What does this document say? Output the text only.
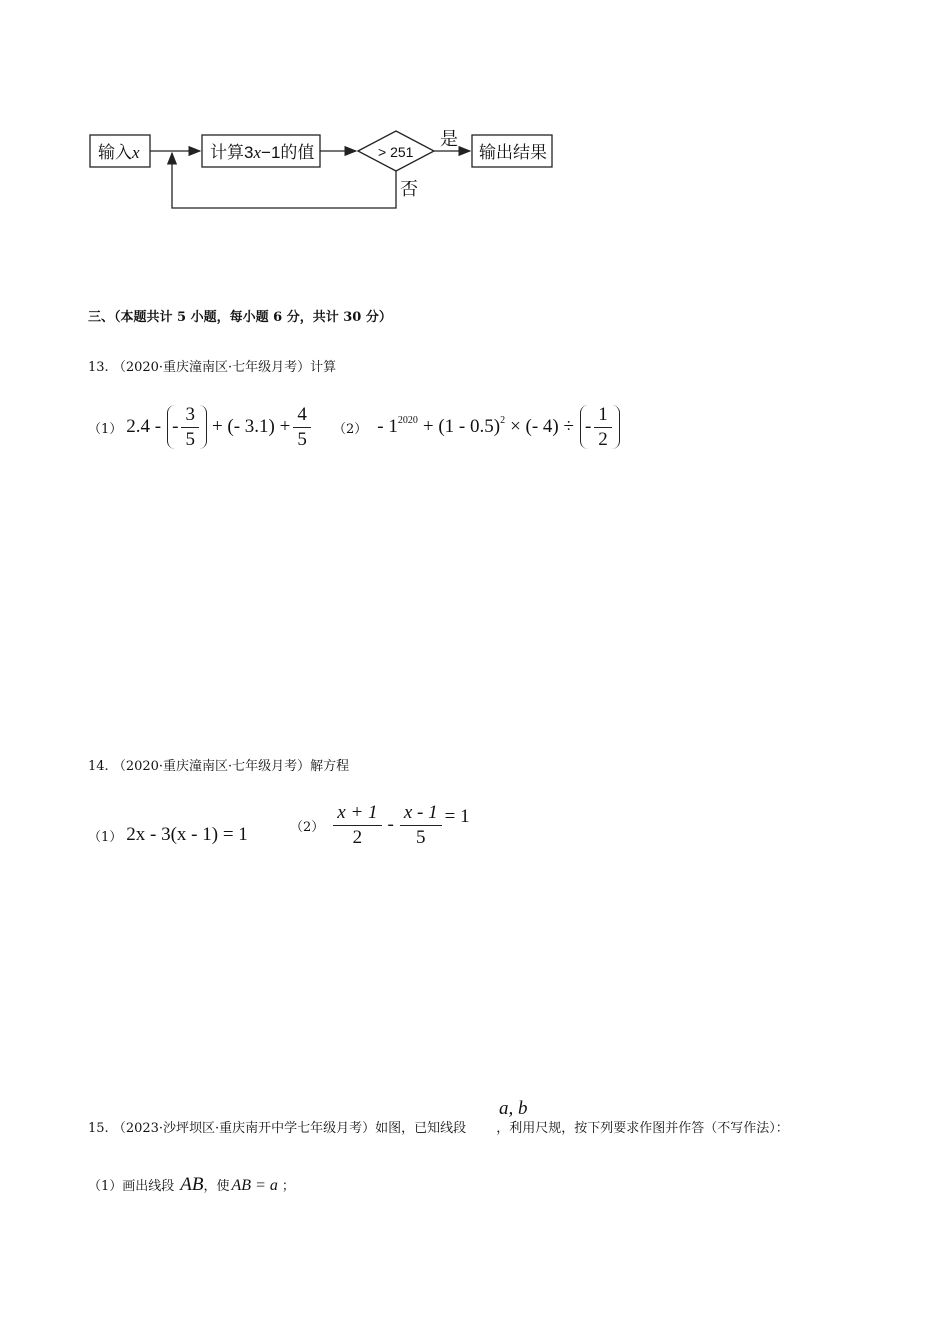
输入x	计算3x−1的值	> 251
是
输出结果
否
三、（本题共计 5 小题，每小题 6 分，共计 30 分）
13. （2020·重庆潼南区·七年级月考）计算
（1） 2.4 - - $\frac{3}{5}$ + (- $3.1) + \frac{4}{5} (2) - 1^{2020} + (1 - 0.5)^2$ × (- 4) ÷ - $\frac{1}{2}$
14. （2020·重庆潼南区·七年级月考）解方程
（1） 2x - 3(x - 1) = 1	$(2) \frac{x + 1}{2} - \frac{x - 1}{5} = 1$
a, b
15. （2023·沙坪坝区·重庆南开中学七年级月考）如图，已知线段 ，利用尺规，按下列要求作图并作答（不写作法）：
（1）画出线段 AB ，使 AB = a ；
